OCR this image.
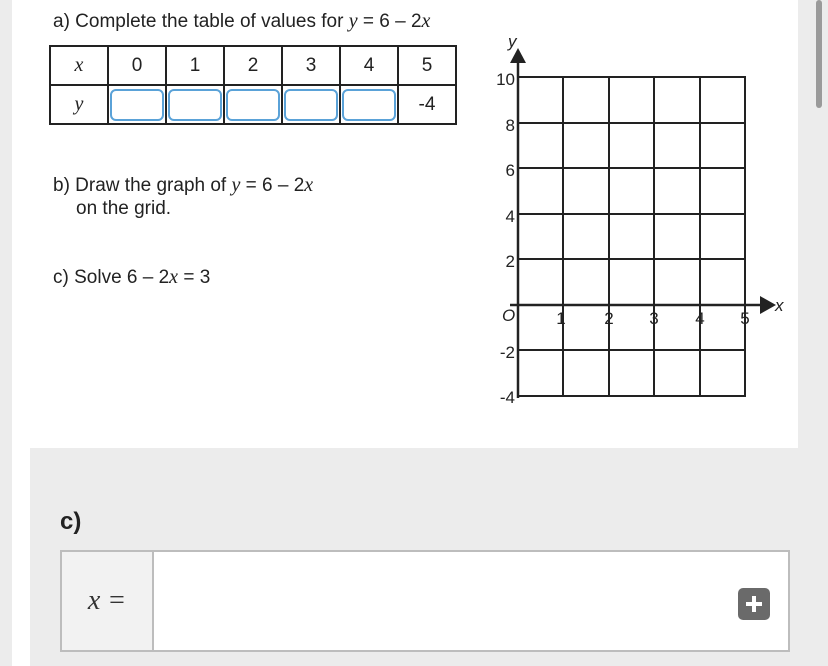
a) Complete the table of values for y = 6 – 2x
x	0	1	2	3	4	5
y						-4
b) Draw the graph of y = 6 – 2x
on the grid.
c) Solve 6 – 2x = 3
y
x
O
10
8
6
4
2
-2
-4
1 2 3 4 5
c)
x =
